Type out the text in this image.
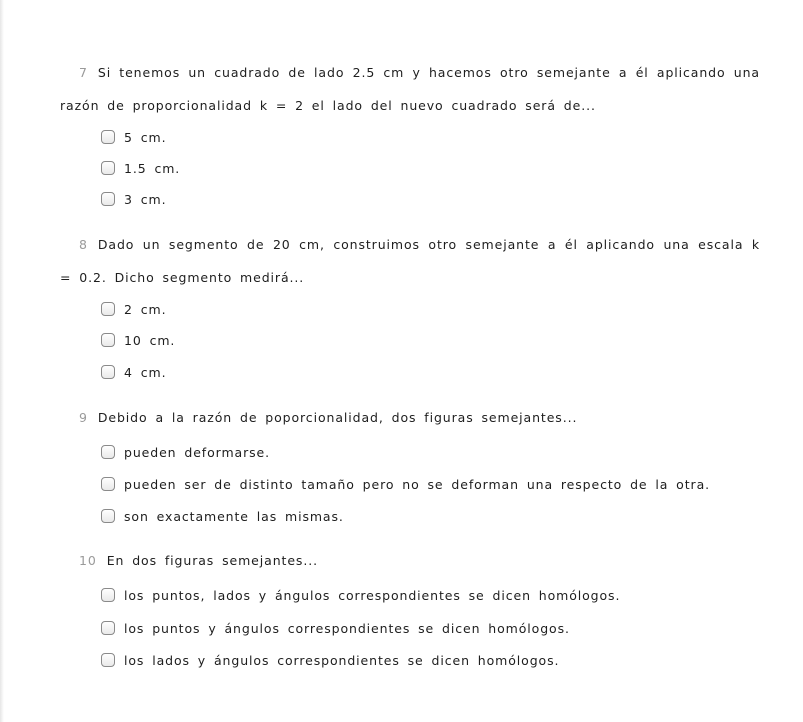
7 Si tenemos un cuadrado de lado 2.5 cm y hacemos otro semejante a él aplicando una
razón de proporcionalidad k = 2 el lado del nuevo cuadrado será de...
5 cm.
1.5 cm.
3 cm.
8 Dado un segmento de 20 cm, construimos otro semejante a él aplicando una escala k
= 0.2. Dicho segmento medirá...
2 cm.
10 cm.
4 cm.
9 Debido a la razón de poporcionalidad, dos figuras semejantes...
pueden deformarse.
pueden ser de distinto tamaño pero no se deforman una respecto de la otra.
son exactamente las mismas.
10 En dos figuras semejantes...
los puntos, lados y ángulos correspondientes se dicen homólogos.
los puntos y ángulos correspondientes se dicen homólogos.
los lados y ángulos correspondientes se dicen homólogos.
